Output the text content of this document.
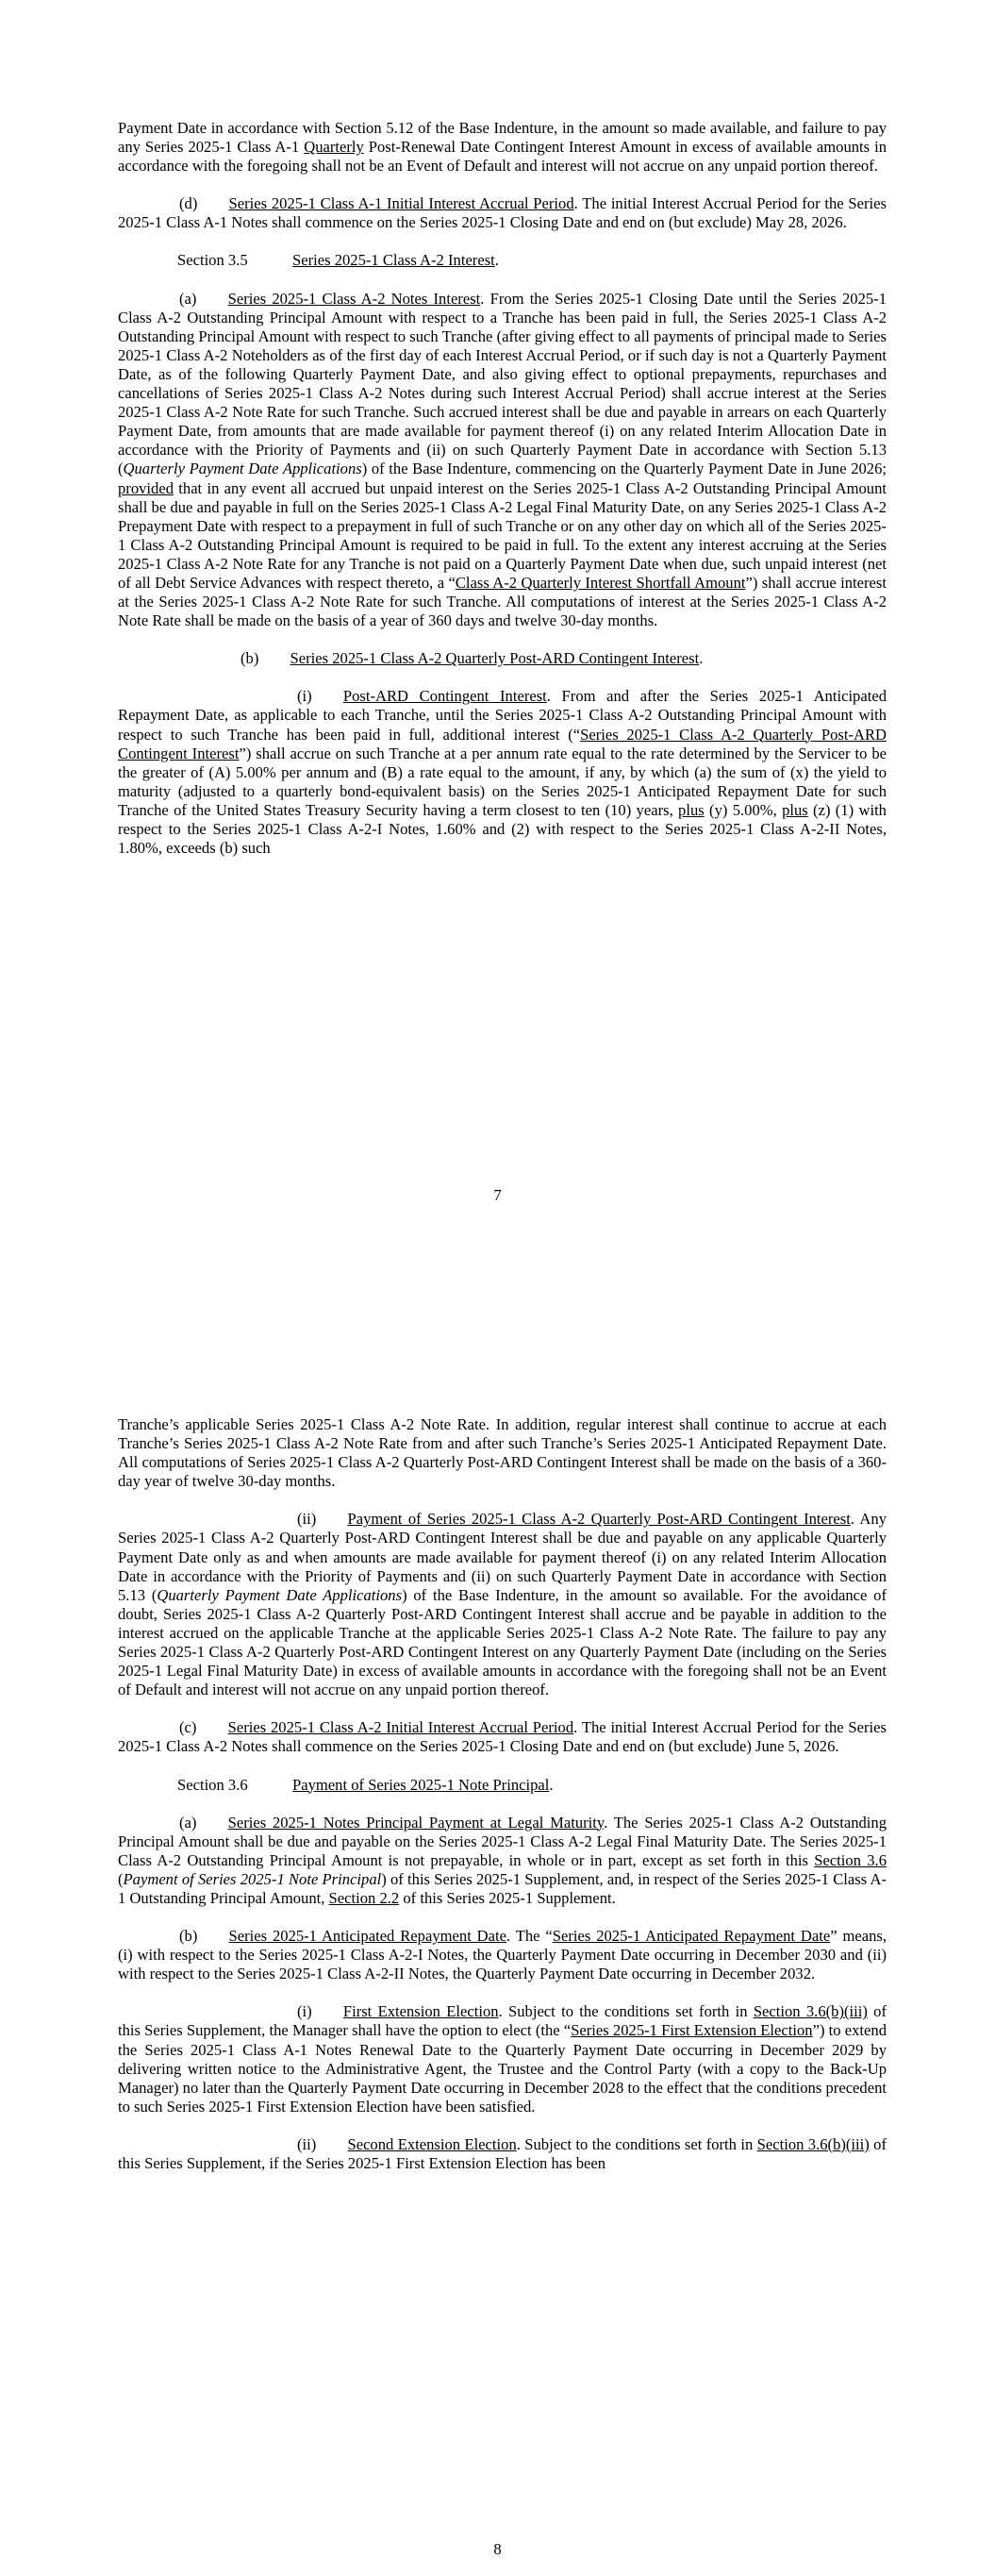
Payment Date in accordance with Section 5.12 of the Base Indenture, in the amount so made available, and failure to pay any Series 2025-1 Class A-1 Quarterly Post-Renewal Date Contingent Interest Amount in excess of available amounts in accordance with the foregoing shall not be an Event of Default and interest will not accrue on any unpaid portion thereof.

(d)  Series 2025-1 Class A-1 Initial Interest Accrual Period. The initial Interest Accrual Period for the Series 2025-1 Class A-1 Notes shall commence on the Series 2025-1 Closing Date and end on (but exclude) May 28, 2026.

Section 3.5	Series 2025-1 Class A-2 Interest.

(a)  Series 2025-1 Class A-2 Notes Interest. From the Series 2025-1 Closing Date until the Series 2025-1 Class A-2 Outstanding Principal Amount with respect to a Tranche has been paid in full, the Series 2025-1 Class A-2 Outstanding Principal Amount with respect to such Tranche (after giving effect to all payments of principal made to Series 2025-1 Class A-2 Noteholders as of the first day of each Interest Accrual Period, or if such day is not a Quarterly Payment Date, as of the following Quarterly Payment Date, and also giving effect to optional prepayments, repurchases and cancellations of Series 2025-1 Class A-2 Notes during such Interest Accrual Period) shall accrue interest at the Series 2025-1 Class A-2 Note Rate for such Tranche. Such accrued interest shall be due and payable in arrears on each Quarterly Payment Date, from amounts that are made available for payment thereof (i) on any related Interim Allocation Date in accordance with the Priority of Payments and (ii) on such Quarterly Payment Date in accordance with Section 5.13 (Quarterly Payment Date Applications) of the Base Indenture, commencing on the Quarterly Payment Date in June 2026; provided that in any event all accrued but unpaid interest on the Series 2025-1 Class A-2 Outstanding Principal Amount shall be due and payable in full on the Series 2025-1 Class A-2 Legal Final Maturity Date, on any Series 2025-1 Class A-2 Prepayment Date with respect to a prepayment in full of such Tranche or on any other day on which all of the Series 2025-1 Class A-2 Outstanding Principal Amount is required to be paid in full. To the extent any interest accruing at the Series 2025-1 Class A-2 Note Rate for any Tranche is not paid on a Quarterly Payment Date when due, such unpaid interest (net of all Debt Service Advances with respect thereto, a “Class A-2 Quarterly Interest Shortfall Amount”) shall accrue interest at the Series 2025-1 Class A-2 Note Rate for such Tranche. All computations of interest at the Series 2025-1 Class A-2 Note Rate shall be made on the basis of a year of 360 days and twelve 30-day months.

(b)  Series 2025-1 Class A-2 Quarterly Post-ARD Contingent Interest.

(i)  Post-ARD Contingent Interest. From and after the Series 2025-1 Anticipated Repayment Date, as applicable to each Tranche, until the Series 2025-1 Class A-2 Outstanding Principal Amount with respect to such Tranche has been paid in full, additional interest (“Series 2025-1 Class A-2 Quarterly Post-ARD Contingent Interest”) shall accrue on such Tranche at a per annum rate equal to the rate determined by the Servicer to be the greater of (A) 5.00% per annum and (B) a rate equal to the amount, if any, by which (a) the sum of (x) the yield to maturity (adjusted to a quarterly bond-equivalent basis) on the Series 2025-1 Anticipated Repayment Date for such Tranche of the United States Treasury Security having a term closest to ten (10) years, plus (y) 5.00%, plus (z) (1) with respect to the Series 2025-1 Class A-2-I Notes, 1.60% and (2) with respect to the Series 2025-1 Class A-2-II Notes, 1.80%, exceeds (b) such

7

Tranche’s applicable Series 2025-1 Class A-2 Note Rate. In addition, regular interest shall continue to accrue at each Tranche’s Series 2025-1 Class A-2 Note Rate from and after such Tranche’s Series 2025-1 Anticipated Repayment Date. All computations of Series 2025-1 Class A-2 Quarterly Post-ARD Contingent Interest shall be made on the basis of a 360-day year of twelve 30-day months.

(ii)  Payment of Series 2025-1 Class A-2 Quarterly Post-ARD Contingent Interest. Any Series 2025-1 Class A-2 Quarterly Post-ARD Contingent Interest shall be due and payable on any applicable Quarterly Payment Date only as and when amounts are made available for payment thereof (i) on any related Interim Allocation Date in accordance with the Priority of Payments and (ii) on such Quarterly Payment Date in accordance with Section 5.13 (Quarterly Payment Date Applications) of the Base Indenture, in the amount so available. For the avoidance of doubt, Series 2025-1 Class A-2 Quarterly Post-ARD Contingent Interest shall accrue and be payable in addition to the interest accrued on the applicable Tranche at the applicable Series 2025-1 Class A-2 Note Rate. The failure to pay any Series 2025-1 Class A-2 Quarterly Post-ARD Contingent Interest on any Quarterly Payment Date (including on the Series 2025-1 Legal Final Maturity Date) in excess of available amounts in accordance with the foregoing shall not be an Event of Default and interest will not accrue on any unpaid portion thereof.

(c)  Series 2025-1 Class A-2 Initial Interest Accrual Period. The initial Interest Accrual Period for the Series 2025-1 Class A-2 Notes shall commence on the Series 2025-1 Closing Date and end on (but exclude) June 5, 2026.

Section 3.6	Payment of Series 2025-1 Note Principal.

(a)  Series 2025-1 Notes Principal Payment at Legal Maturity. The Series 2025-1 Class A-2 Outstanding Principal Amount shall be due and payable on the Series 2025-1 Class A-2 Legal Final Maturity Date. The Series 2025-1 Class A-2 Outstanding Principal Amount is not prepayable, in whole or in part, except as set forth in this Section 3.6 (Payment of Series 2025-1 Note Principal) of this Series 2025-1 Supplement, and, in respect of the Series 2025-1 Class A-1 Outstanding Principal Amount, Section 2.2 of this Series 2025-1 Supplement.

(b)  Series 2025-1 Anticipated Repayment Date. The “Series 2025-1 Anticipated Repayment Date” means, (i) with respect to the Series 2025-1 Class A-2-I Notes, the Quarterly Payment Date occurring in December 2030 and (ii) with respect to the Series 2025-1 Class A-2-II Notes, the Quarterly Payment Date occurring in December 2032.

(i)  First Extension Election. Subject to the conditions set forth in Section 3.6(b)(iii) of this Series Supplement, the Manager shall have the option to elect (the “Series 2025-1 First Extension Election”) to extend the Series 2025-1 Class A-1 Notes Renewal Date to the Quarterly Payment Date occurring in December 2029 by delivering written notice to the Administrative Agent, the Trustee and the Control Party (with a copy to the Back-Up Manager) no later than the Quarterly Payment Date occurring in December 2028 to the effect that the conditions precedent to such Series 2025-1 First Extension Election have been satisfied.

(ii)  Second Extension Election. Subject to the conditions set forth in Section 3.6(b)(iii) of this Series Supplement, if the Series 2025-1 First Extension Election has been

8
